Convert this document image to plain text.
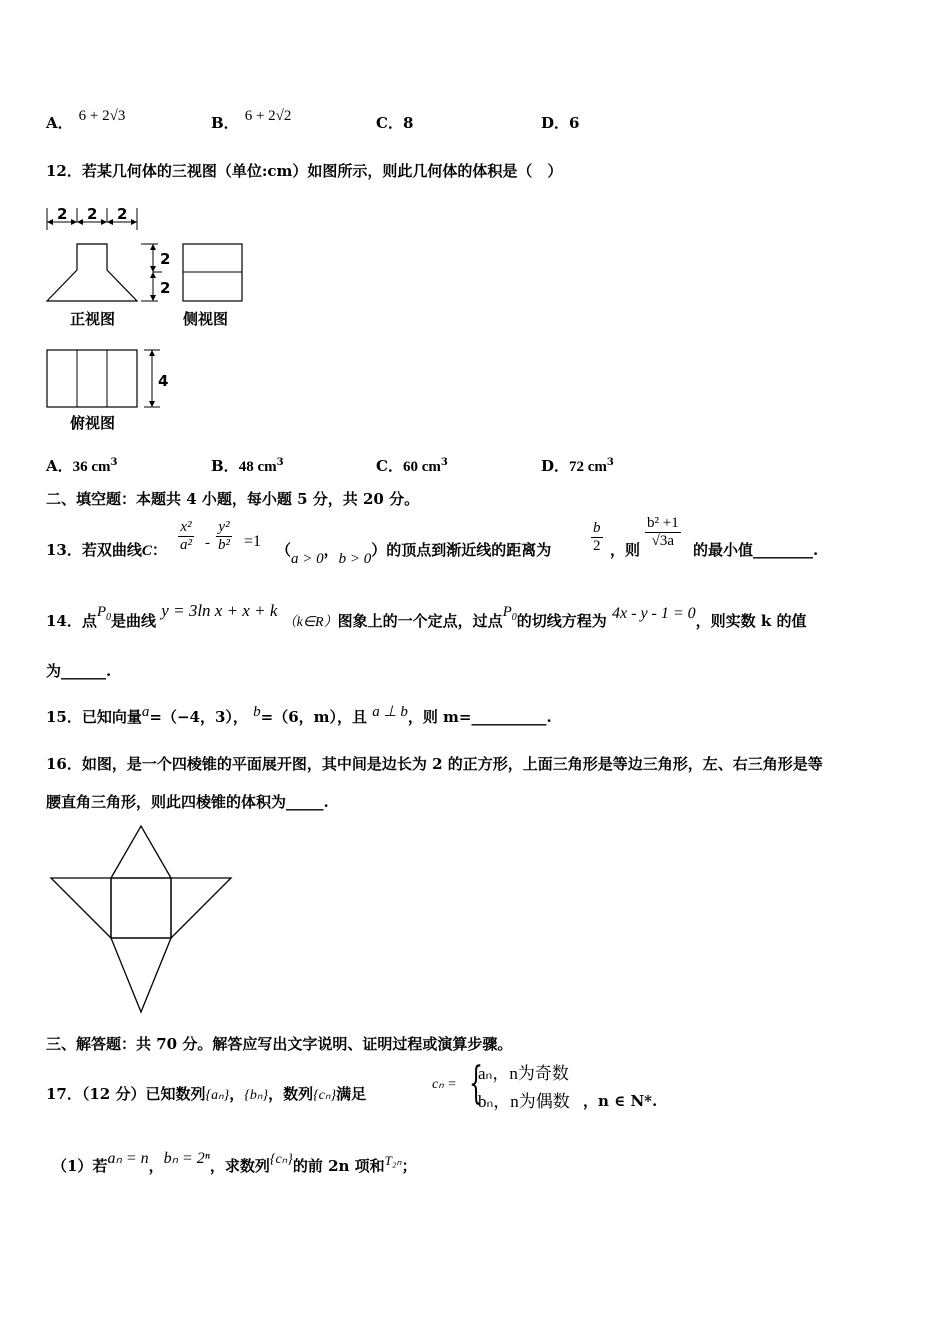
A． 6 + 2√3	B． 6 + 2√2	C．8	D．6
12．若某几何体的三视图（单位:cm）如图所示，则此几何体的体积是（　）
2 2 2
2
2
正视图	侧视图
4
俯视图
A．36 $cm^3$	B．48 $cm^3$	C．60 $cm^3$	D．72 $cm^3$
二、填空题：本题共 4 小题，每小题 5 分，共 20 分。
13．若双曲线C： $\frac{\text{x²}}{\text{a²}} - \frac{\text{y²}}{\text{b²}} =1$ （a > 0，b > 0）的顶点到渐近线的距离为	$\frac{b}{2}$ ，则 $\frac{\text{b² +1}}{√3a}$ 的最小值________.
14．点$P_0$是曲线 y = 3ln x + x + k （k∈R）图象上的一个定点，过点$P_0$的切线方程为 4x - y - 1 = 0，则实数 k 的值
为______.
15．已知向量a=（−4，3）， b=（6，m），且 a ⊥ b，则 m=__________.
16．如图，是一个四棱锥的平面展开图，其中间是边长为 2 的正方形，上面三角形是等边三角形，左、右三角形是等
腰直角三角形，则此四棱锥的体积为_____.
三、解答题：共 70 分。解答应写出文字说明、证明过程或演算步骤。
17．（12 分）已知数列{aₙ}，{bₙ}，数列{cₙ}满足
cₙ = {
aₙ，n为奇数
bₙ，n为偶数 ，n ∈ N*.
（1）若aₙ = n，bₙ = 2ⁿ，求数列{cₙ}的前 2n 项和T₂ₙ；
